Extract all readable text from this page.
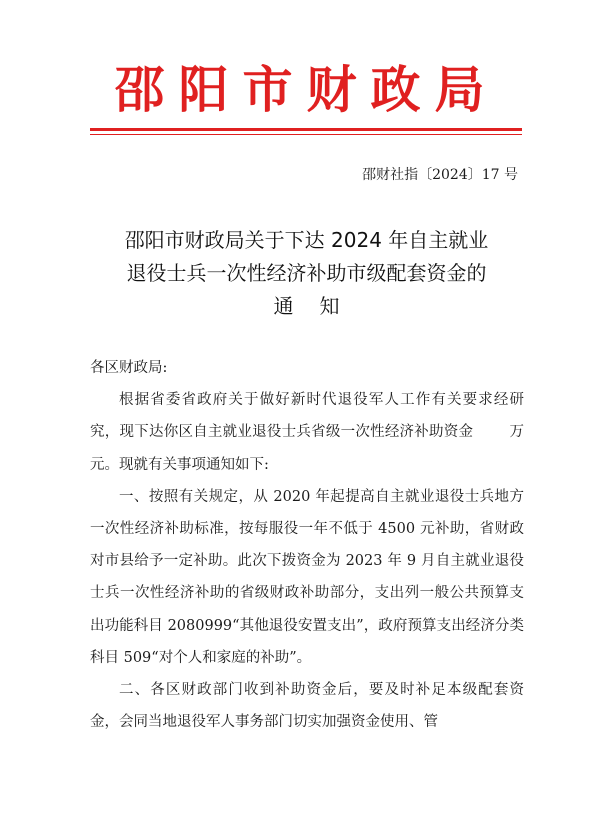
邵阳市财政局
邵财社指〔2024〕17 号
邵阳市财政局关于下达 2024 年自主就业
退役士兵一次性经济补助市级配套资金的
通知

各区财政局:

根据省委省政府关于做好新时代退役军人工作有关要求经研究，现下达你区自主就业退役士兵省级一次性经济补助资金 万元。现就有关事项通知如下:

一、按照有关规定，从 2020 年起提高自主就业退役士兵地方一次性经济补助标准，按每服役一年不低于 4500 元补助，省财政对市县给予一定补助。此次下拨资金为 2023 年 9 月自主就业退役士兵一次性经济补助的省级财政补助部分，支出列一般公共预算支出功能科目 2080999“其他退役安置支出”，政府预算支出经济分类科目 509“对个人和家庭的补助”。

二、各区财政部门收到补助资金后，要及时补足本级配套资金，会同当地退役军人事务部门切实加强资金使用、管
